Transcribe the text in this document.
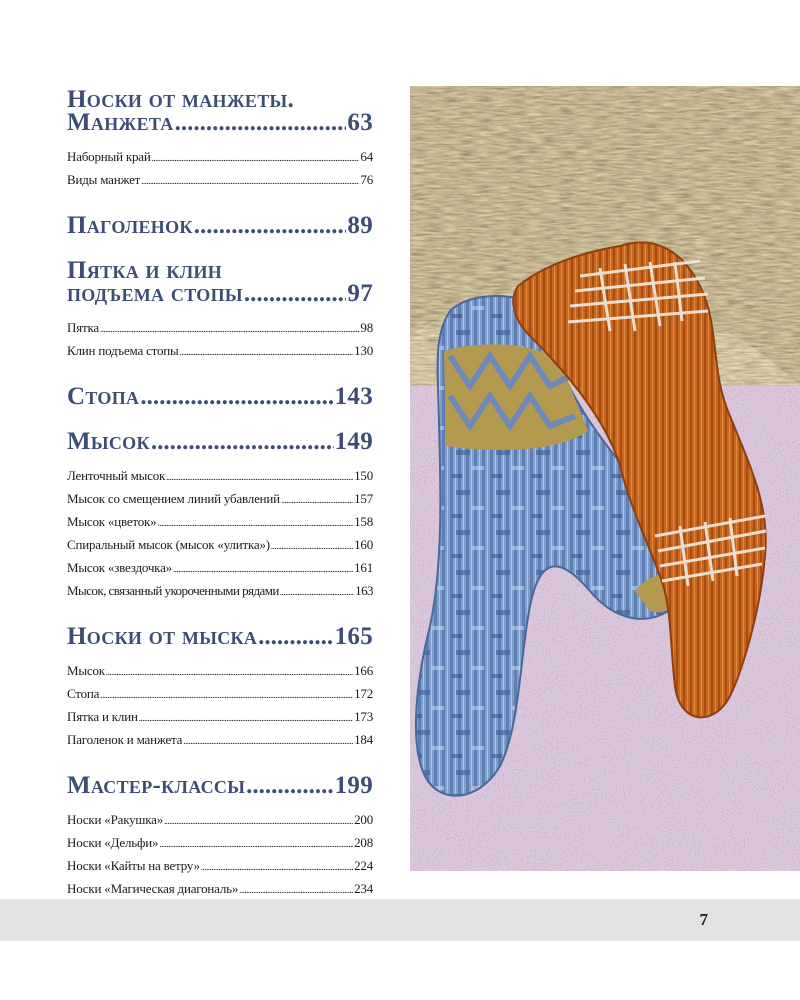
Носки от манжеты.
Манжета .....	63
Наборный край .....	64
Виды манжет .....	76
Паголенок .....	89
Пятка и клин
подъема стопы .....	97
Пятка .....	98
Клин подъема стопы .....	130
Стопа .....	143
Мысок .....	149
Ленточный мысок .....	150
Мысок со смещением линий убавлений .....	157
Мысок «цветок» .....	158
Спиральный мысок (мысок «улитка») .....	160
Мысок «звездочка» .....	161
Мысок, связанный укороченными рядами .....	163
Носки от мыска .....	165
Мысок .....	166
Стопа .....	172
Пятка и клин .....	173
Паголенок и манжета .....	184
Мастер-классы .....	199
Носки «Ракушка» .....	200
Носки «Дельфи» .....	208
Носки «Кайты на ветру» .....	224
Носки «Магическая диагональ» .....	234
.....
7
